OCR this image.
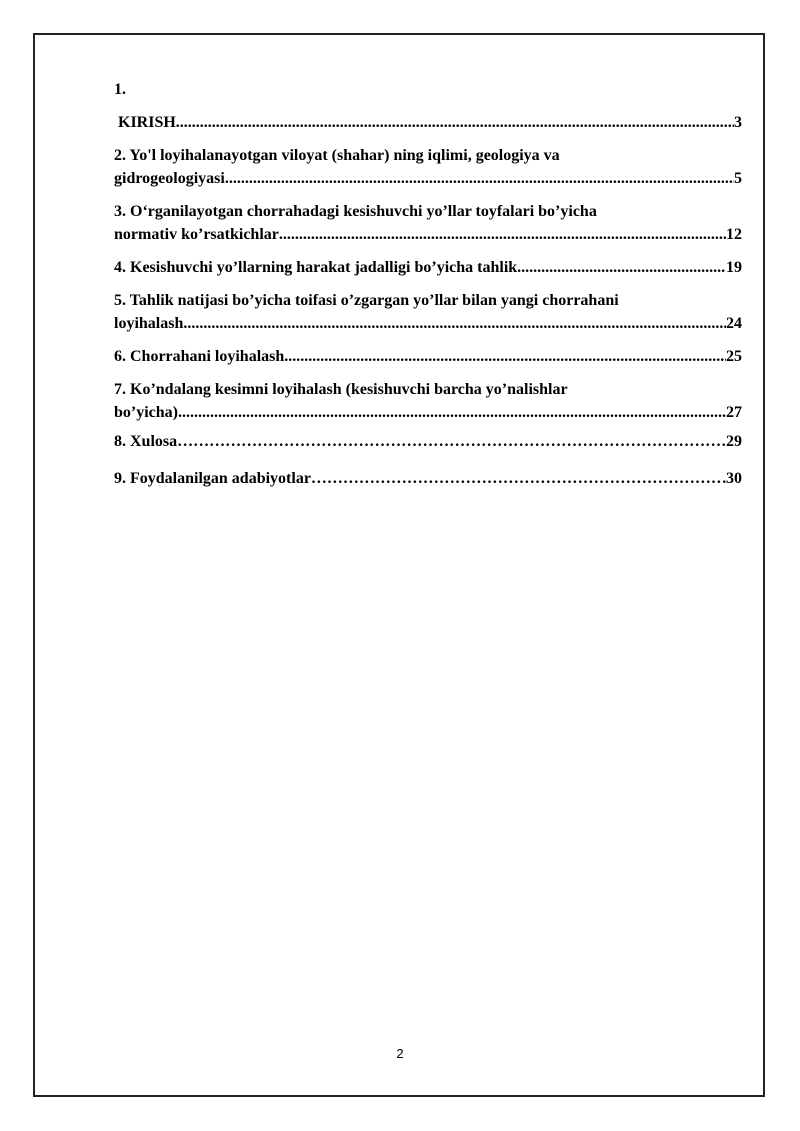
1.
KIRISH .....	3
2. Yo'l loyihalanayotgan viloyat (shahar) ning iqlimi, geologiya va
gidrogeologiyasi .....	5
3. O‘rganilayotgan chorrahadagi kesishuvchi yo’llar toyfalari bo’yicha
normativ ko’rsatkichlar .....	12
4. Kesishuvchi yo’llarning harakat jadalligi bo’yicha tahlik .....	19
5. Tahlik natijasi bo’yicha toifasi o’zgargan yo’llar bilan yangi chorrahani
loyihalash .....	24
6. Chorrahani loyihalash .....	25
7. Ko’ndalang kesimni loyihalash (kesishuvchi barcha yo’nalishlar
bo’yicha) .....	27
8. Xulosa ……………………………………………………………………………………………………………………………	29
9. Foydalanilgan adabiyotlar ……………………………………………………………………………………………………………………………	30
2
